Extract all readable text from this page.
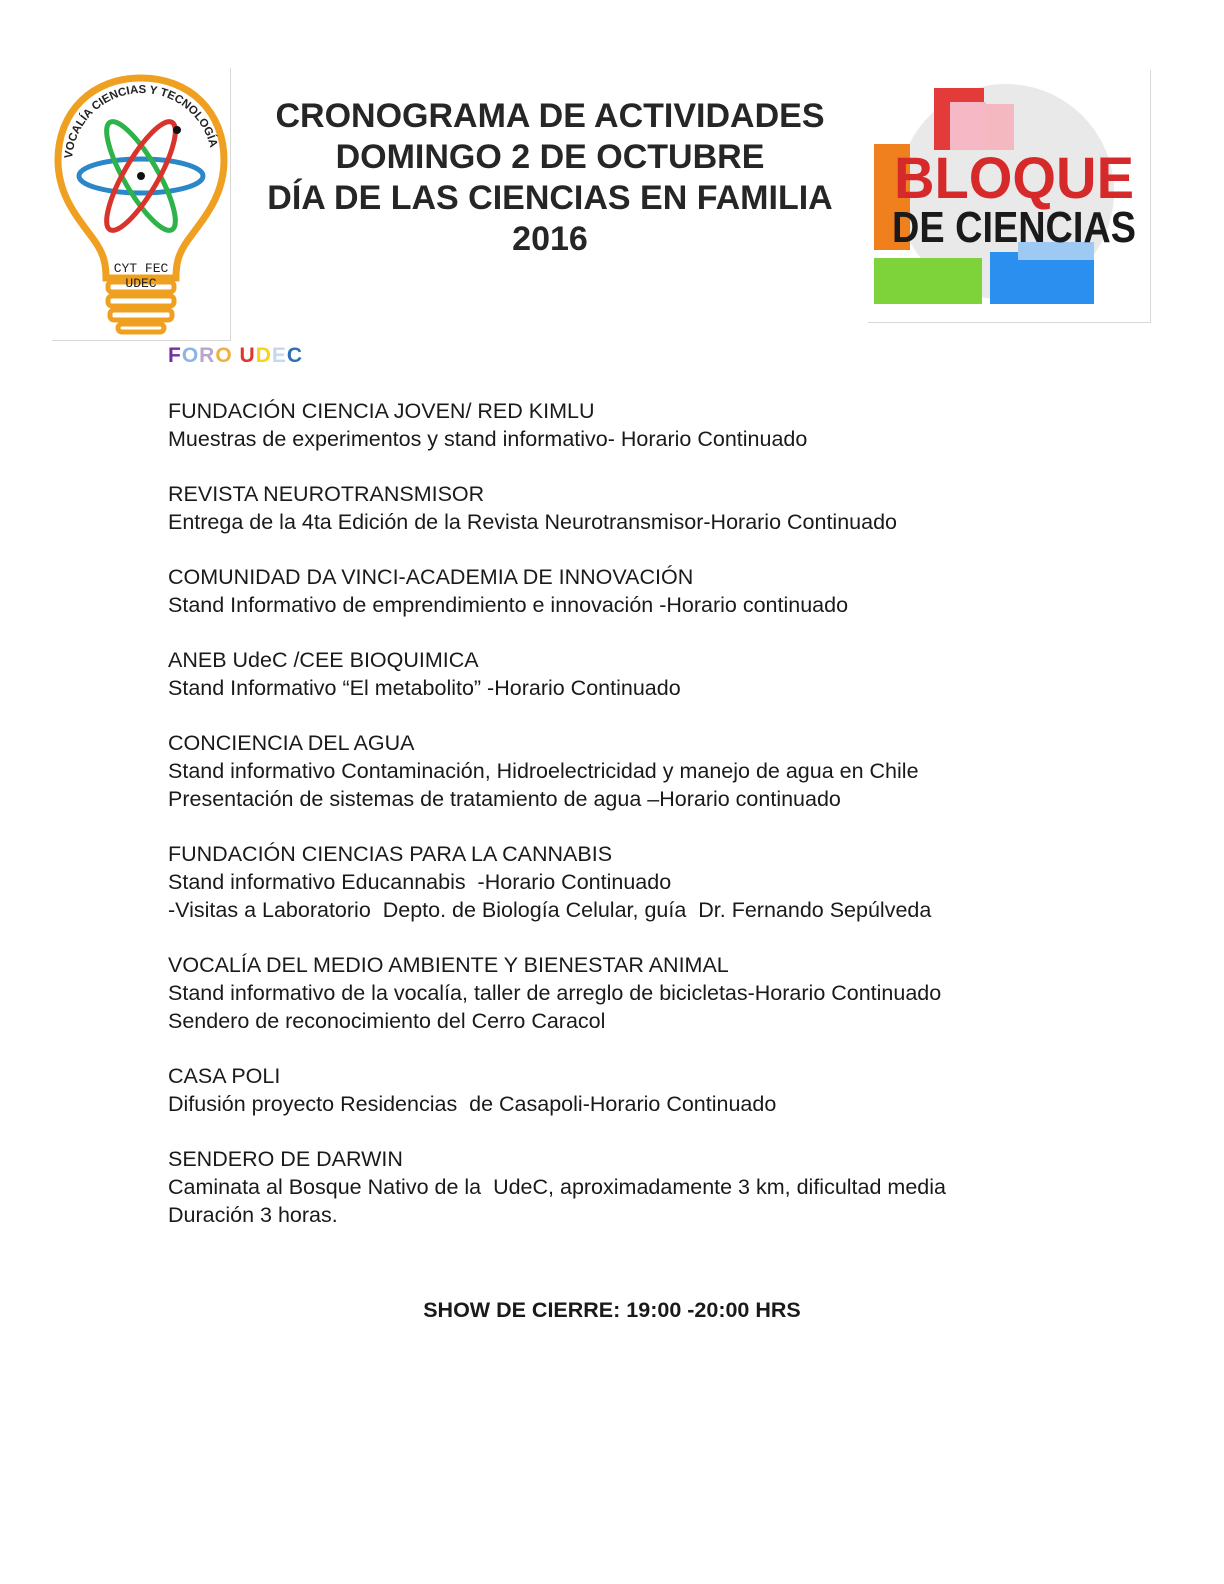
VOCALÍA CIENCIAS Y TECNOLOGÍA
CYT FEC
UDEC
CRONOGRAMA DE ACTIVIDADES
DOMINGO 2 DE OCTUBRE
DÍA DE LAS CIENCIAS EN FAMILIA
2016
BLOQUE
DE CIENCIAS
FORO UDEC
FUNDACIÓN CIENCIA JOVEN/ RED KIMLU
Muestras de experimentos y stand informativo- Horario Continuado
REVISTA NEUROTRANSMISOR
Entrega de la 4ta Edición de la Revista Neurotransmisor-Horario Continuado
COMUNIDAD DA VINCI-ACADEMIA DE INNOVACIÓN
Stand Informativo de emprendimiento e innovación -Horario continuado
ANEB UdeC /CEE BIOQUIMICA
Stand Informativo “El metabolito” -Horario Continuado
CONCIENCIA DEL AGUA
Stand informativo Contaminación, Hidroelectricidad y manejo de agua en Chile
Presentación de sistemas de tratamiento de agua –Horario continuado
FUNDACIÓN CIENCIAS PARA LA CANNABIS
Stand informativo Educannabis  -Horario Continuado
-Visitas a Laboratorio  Depto. de Biología Celular, guía  Dr. Fernando Sepúlveda
VOCALÍA DEL MEDIO AMBIENTE Y BIENESTAR ANIMAL
Stand informativo de la vocalía, taller de arreglo de bicicletas-Horario Continuado
Sendero de reconocimiento del Cerro Caracol
CASA POLI
Difusión proyecto Residencias  de Casapoli-Horario Continuado
SENDERO DE DARWIN
Caminata al Bosque Nativo de la  UdeC, aproximadamente 3 km, dificultad media
Duración 3 horas.
SHOW DE CIERRE: 19:00 -20:00 HRS
